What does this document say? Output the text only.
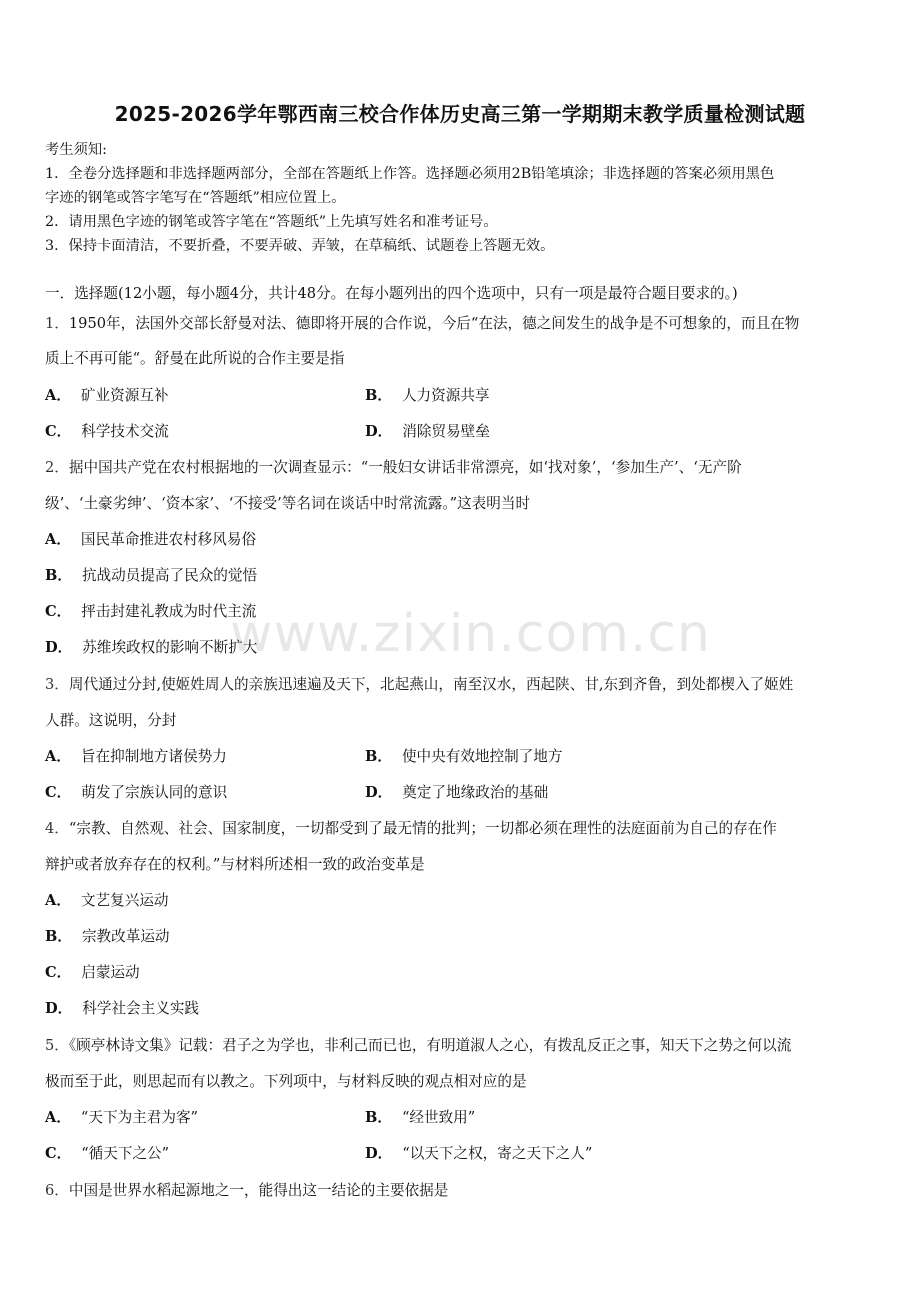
2025-2026学年鄂西南三校合作体历史高三第一学期期末教学质量检测试题
考生须知:
1．全卷分选择题和非选择题两部分，全部在答题纸上作答。选择题必须用2B铅笔填涂；非选择题的答案必须用黑色
字迹的钢笔或答字笔写在“答题纸”相应位置上。
2．请用黑色字迹的钢笔或答字笔在“答题纸”上先填写姓名和准考证号。
3．保持卡面清洁，不要折叠，不要弄破、弄皱，在草稿纸、试题卷上答题无效。
一．选择题(12小题，每小题4分，共计48分。在每小题列出的四个选项中，只有一项是最符合题目要求的。)
1．1950年，法国外交部长舒曼对法、德即将开展的合作说，今后“在法，德之间发生的战争是不可想象的，而且在物
质上不再可能“。舒曼在此所说的合作主要是指
A． 矿业资源互补	B． 人力资源共享
C． 科学技术交流	D． 消除贸易壁垒
2．据中国共产党在农村根据地的一次调查显示：“一般妇女讲话非常漂亮，如‘找对象’，‘参加生产’、‘无产阶
级’、‘土豪劣绅’、‘资本家’、‘不接受’等名词在谈话中时常流露。”这表明当时
A． 国民革命推进农村移风易俗
B． 抗战动员提高了民众的觉悟
C． 抨击封建礼教成为时代主流
D． 苏维埃政权的影响不断扩大
3．周代通过分封,使姬姓周人的亲族迅速遍及天下，北起燕山，南至汉水，西起陕、甘,东到齐鲁，到处都楔入了姬姓
人群。这说明，分封
A． 旨在抑制地方诸侯势力	B． 使中央有效地控制了地方
C． 萌发了宗族认同的意识	D． 奠定了地缘政治的基础
4．“宗教、自然观、社会、国家制度，一切都受到了最无情的批判；一切都必须在理性的法庭面前为自己的存在作
辩护或者放弃存在的权利。”与材料所述相一致的政治变革是
A． 文艺复兴运动
B． 宗教改革运动
C． 启蒙运动
D． 科学社会主义实践
5．《顾亭林诗文集》记载：君子之为学也，非利己而已也，有明道淑人之心，有拨乱反正之事，知天下之势之何以流
极而至于此，则思起而有以教之。下列项中，与材料反映的观点相对应的是
A． “天下为主君为客”	B． “经世致用”
C． “循天下之公”	D． “以天下之权，寄之天下之人”
6．中国是世界水稻起源地之一，能得出这一结论的主要依据是
www.zixin.com.cn
